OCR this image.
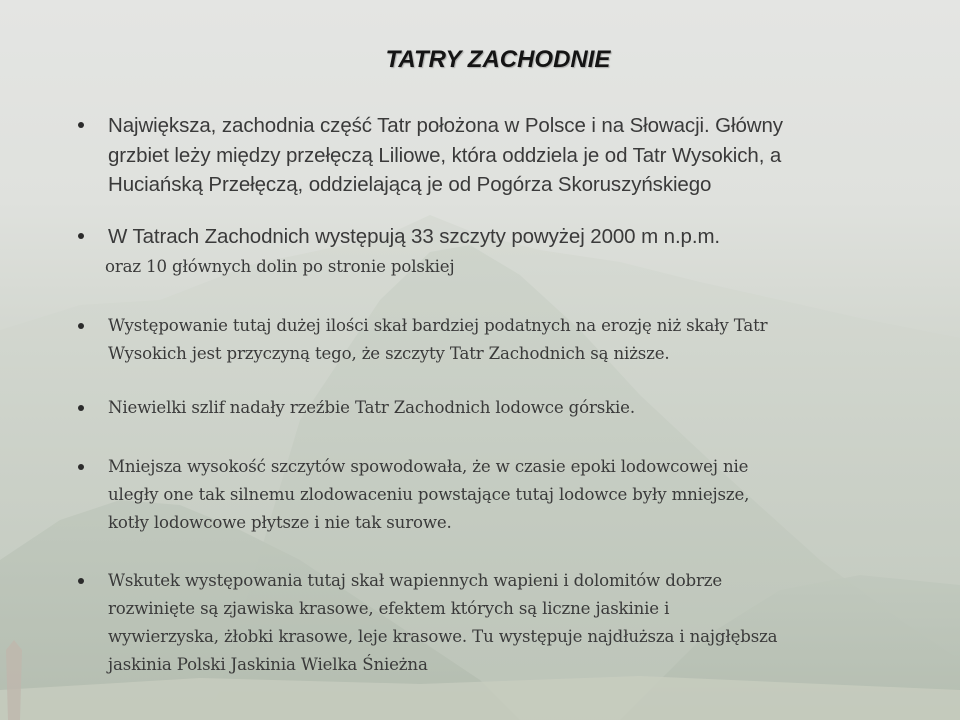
TATRY ZACHODNIE
Największa, zachodnia część Tatr położona w Polsce i na Słowacji. Główny
grzbiet leży między przełęczą Liliowe, która oddziela je od Tatr Wysokich, a
Huciańską Przełęczą, oddzielającą je od Pogórza Skoruszyńskiego
W Tatrach Zachodnich występują 33 szczyty powyżej 2000 m n.p.m.
oraz 10 głównych dolin po stronie polskiej
Występowanie tutaj dużej ilości skał bardziej podatnych na erozję niż skały Tatr
Wysokich jest przyczyną tego, że szczyty Tatr Zachodnich są niższe.
Niewielki szlif nadały rzeźbie Tatr Zachodnich lodowce górskie.
Mniejsza wysokość szczytów spowodowała, że w czasie epoki lodowcowej nie
uległy one tak silnemu zlodowaceniu powstające tutaj lodowce były mniejsze,
kotły lodowcowe płytsze i nie tak surowe.
Wskutek występowania tutaj skał wapiennych wapieni i dolomitów dobrze
rozwinięte są zjawiska krasowe, efektem których są liczne jaskinie i
wywierzyska, żłobki krasowe, leje krasowe. Tu występuje najdłuższa i najgłębsza
jaskinia Polski Jaskinia Wielka Śnieżna
